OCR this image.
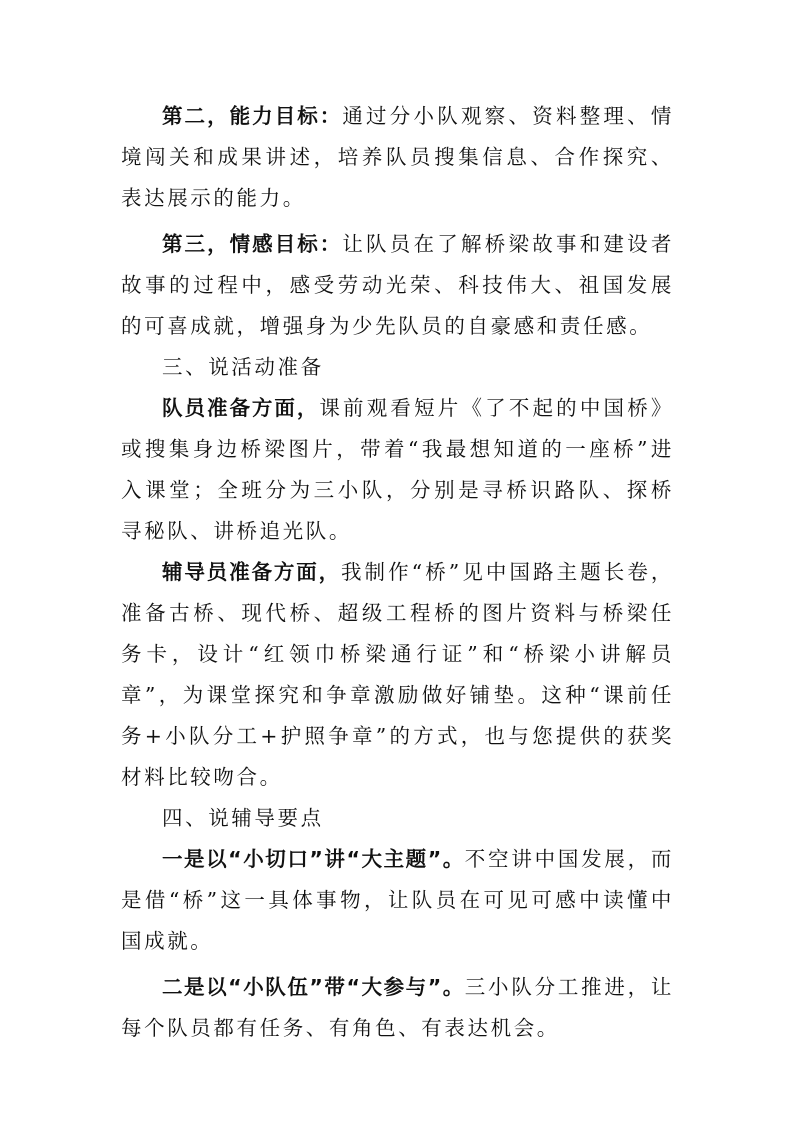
第二，能力目标：通过分小队观察、资料整理、情境闯关和成果讲述，培养队员搜集信息、合作探究、表达展示的能力。

第三，情感目标：让队员在了解桥梁故事和建设者故事的过程中，感受劳动光荣、科技伟大、祖国发展的可喜成就，增强身为少先队员的自豪感和责任感。

三、说活动准备

队员准备方面，课前观看短片《了不起的中国桥》或搜集身边桥梁图片，带着“我最想知道的一座桥”进入课堂；全班分为三小队，分别是寻桥识路队、探桥寻秘队、讲桥追光队。

辅导员准备方面，我制作“桥”见中国路主题长卷，准备古桥、现代桥、超级工程桥的图片资料与桥梁任务卡，设计“红领巾桥梁通行证”和“桥梁小讲解员章”，为课堂探究和争章激励做好铺垫。这种“课前任务+小队分工+护照争章”的方式，也与您提供的获奖材料比较吻合。

四、说辅导要点

一是以“小切口”讲“大主题”。不空讲中国发展，而是借“桥”这一具体事物，让队员在可见可感中读懂中国成就。

二是以“小队伍”带“大参与”。三小队分工推进，让每个队员都有任务、有角色、有表达机会。
